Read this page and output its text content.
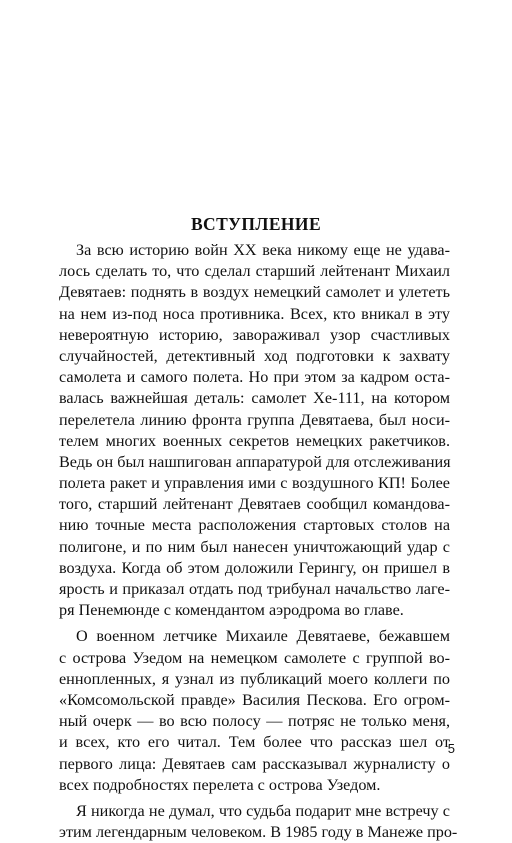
ВСТУПЛЕНИЕ
За всю историю войн XX века никому еще не удава-
лось сделать то, что сделал старший лейтенант Михаил
Девятаев: поднять в воздух немецкий самолет и улететь
на нем из-под носа противника. Всех, кто вникал в эту
невероятную историю, завораживал узор счастливых
случайностей, детективный ход подготовки к захвату
самолета и самого полета. Но при этом за кадром оста-
валась важнейшая деталь: самолет Хе-111, на котором
перелетела линию фронта группа Девятаева, был носи-
телем многих военных секретов немецких ракетчиков.
Ведь он был нашпигован аппаратурой для отслеживания
полета ракет и управления ими с воздушного КП! Более
того, старший лейтенант Девятаев сообщил командова-
нию точные места расположения стартовых столов на
полигоне, и по ним был нанесен уничтожающий удар с
воздуха. Когда об этом доложили Герингу, он пришел в
ярость и приказал отдать под трибунал начальство лаге-
ря Пенемюнде с комендантом аэродрома во главе.
О военном летчике Михаиле Девятаеве, бежавшем
с острова Узедом на немецком самолете с группой во-
еннопленных, я узнал из публикаций моего коллеги по
«Комсомольской правде» Василия Пескова. Его огром-
ный очерк — во всю полосу — потряс не только меня,
и всех, кто его читал. Тем более что рассказ шел от
первого лица: Девятаев сам рассказывал журналисту о
всех подробностях перелета с острова Узедом.
Я никогда не думал, что судьба подарит мне встречу с
этим легендарным человеком. В 1985 году в Манеже про-
5
